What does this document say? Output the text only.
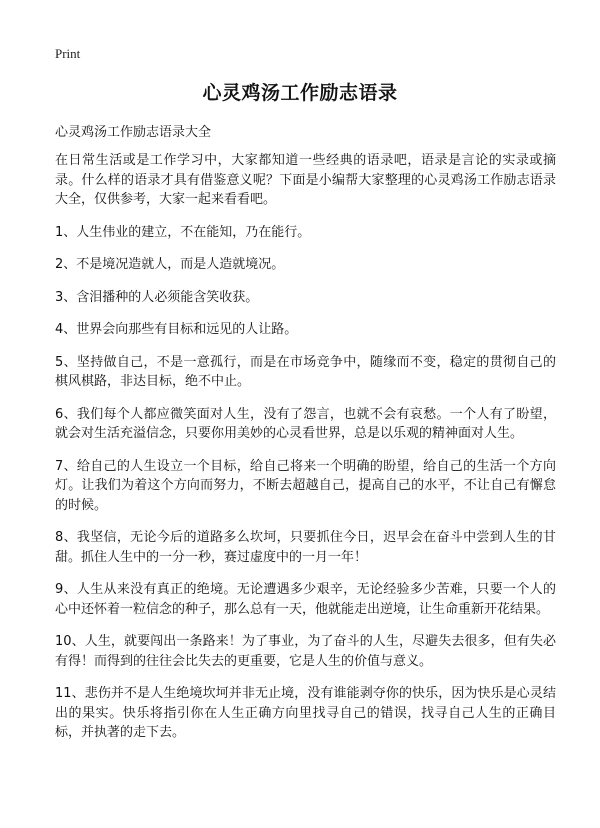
Print
心灵鸡汤工作励志语录

心灵鸡汤工作励志语录大全

在日常生活或是工作学习中，大家都知道一些经典的语录吧，语录是言论的实录或摘录。什么样的语录才具有借鉴意义呢？下面是小编帮大家整理的心灵鸡汤工作励志语录大全，仅供参考，大家一起来看看吧。

1、人生伟业的建立，不在能知，乃在能行。

2、不是境况造就人，而是人造就境况。

3、含泪播种的人必须能含笑收获。

4、世界会向那些有目标和远见的人让路。

5、坚持做自己，不是一意孤行，而是在市场竞争中，随缘而不变，稳定的贯彻自己的棋风棋路，非达目标，绝不中止。

6、我们每个人都应微笑面对人生，没有了怨言，也就不会有哀愁。一个人有了盼望，就会对生活充溢信念，只要你用美妙的心灵看世界，总是以乐观的精神面对人生。

7、给自己的人生设立一个目标，给自己将来一个明确的盼望，给自己的生活一个方向灯。让我们为着这个方向而努力，不断去超越自己，提高自己的水平，不让自己有懈怠的时候。

8、我坚信，无论今后的道路多么坎坷，只要抓住今日，迟早会在奋斗中尝到人生的甘甜。抓住人生中的一分一秒，赛过虚度中的一月一年！

9、人生从来没有真正的绝境。无论遭遇多少艰辛，无论经验多少苦难，只要一个人的心中还怀着一粒信念的种子，那么总有一天，他就能走出逆境，让生命重新开花结果。

10、人生，就要闯出一条路来！为了事业，为了奋斗的人生，尽避失去很多，但有失必有得！而得到的往往会比失去的更重要，它是人生的价值与意义。

11、悲伤并不是人生绝境坎坷并非无止境，没有谁能剥夺你的快乐，因为快乐是心灵结出的果实。快乐将指引你在人生正确方向里找寻自己的错误，找寻自己人生的正确目标，并执著的走下去。
